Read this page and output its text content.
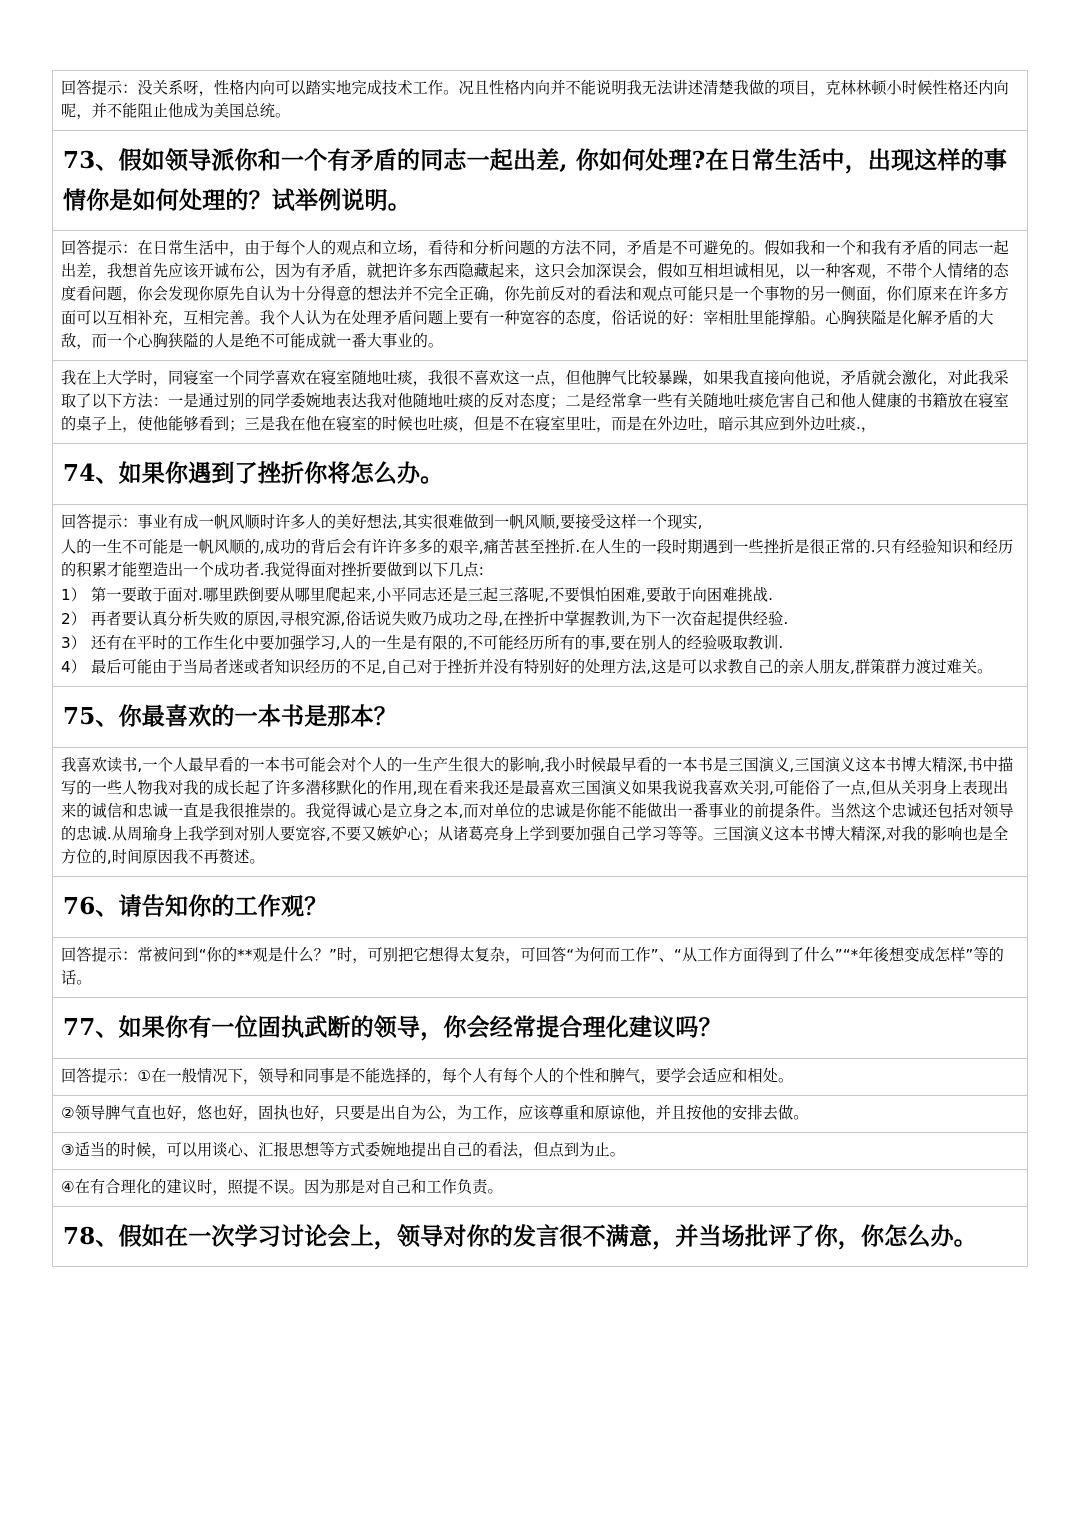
回答提示：没关系呀，性格内向可以踏实地完成技术工作。况且性格内向并不能说明我无法讲述清楚我做的项目，克林林顿小时候性格还内向呢，并不能阻止他成为美国总统。

73、假如领导派你和一个有矛盾的同志一起出差, 你如何处理?在日常生活中，出现这样的事情你是如何处理的？试举例说明。

回答提示：在日常生活中，由于每个人的观点和立场，看待和分析问题的方法不同，矛盾是不可避免的。假如我和一个和我有矛盾的同志一起出差，我想首先应该开诚布公，因为有矛盾，就把许多东西隐藏起来，这只会加深误会，假如互相坦诚相见，以一种客观，不带个人情绪的态度看问题，你会发现你原先自认为十分得意的想法并不完全正确，你先前反对的看法和观点可能只是一个事物的另一侧面，你们原来在许多方面可以互相补充，互相完善。我个人认为在处理矛盾问题上要有一种宽容的态度，俗话说的好：宰相肚里能撑船。心胸狭隘是化解矛盾的大敌，而一个心胸狭隘的人是绝不可能成就一番大事业的。

我在上大学时，同寝室一个同学喜欢在寝室随地吐痰，我很不喜欢这一点，但他脾气比较暴躁，如果我直接向他说，矛盾就会激化，对此我采取了以下方法：一是通过别的同学委婉地表达我对他随地吐痰的反对态度；二是经常拿一些有关随地吐痰危害自己和他人健康的书籍放在寝室的桌子上，使他能够看到；三是我在他在寝室的时候也吐痰，但是不在寝室里吐，而是在外边吐，暗示其应到外边吐痰.，

74、如果你遇到了挫折你将怎么办。

回答提示：事业有成一帆风顺时许多人的美好想法,其实很难做到一帆风顺,要接受这样一个现实,

人的一生不可能是一帆风顺的,成功的背后会有许许多多的艰辛,痛苦甚至挫折.在人生的一段时期遇到一些挫折是很正常的.只有经验知识和经历的积累才能塑造出一个成功者.我觉得面对挫折要做到以下几点:

1） 第一要敢于面对.哪里跌倒要从哪里爬起来,小平同志还是三起三落呢,不要惧怕困难,要敢于向困难挑战.
2） 再者要认真分析失败的原因,寻根究源,俗话说失败乃成功之母,在挫折中掌握教训,为下一次奋起提供经验.
3） 还有在平时的工作生化中要加强学习,人的一生是有限的,不可能经历所有的事,要在别人的经验吸取教训.
4） 最后可能由于当局者迷或者知识经历的不足,自己对于挫折并没有特别好的处理方法,这是可以求教自己的亲人朋友,群策群力渡过难关。
75、你最喜欢的一本书是那本？

我喜欢读书,一个人最早看的一本书可能会对个人的一生产生很大的影响,我小时候最早看的一本书是三国演义,三国演义这本书博大精深,书中描写的一些人物我对我的成长起了许多潜移默化的作用,现在看来我还是最喜欢三国演义如果我说我喜欢关羽,可能俗了一点,但从关羽身上表现出来的诚信和忠诚一直是我很推崇的。我觉得诚心是立身之本,而对单位的忠诚是你能不能做出一番事业的前提条件。当然这个忠诚还包括对领导的忠诚.从周瑜身上我学到对别人要宽容,不要又嫉妒心；从诸葛亮身上学到要加强自己学习等等。三国演义这本书博大精深,对我的影响也是全方位的,时间原因我不再赘述。

76、请告知你的工作观？

回答提示：常被问到“你的**观是什么？”时，可别把它想得太复杂，可回答“为何而工作”、“从工作方面得到了什么”“*年後想变成怎样”等的话。

77、如果你有一位固执武断的领导，你会经常提合理化建议吗？

回答提示：①在一般情况下，领导和同事是不能选择的，每个人有每个人的个性和脾气，要学会适应和相处。

②领导脾气直也好，悠也好，固执也好，只要是出自为公，为工作，应该尊重和原谅他，并且按他的安排去做。

③适当的时候，可以用谈心、汇报思想等方式委婉地提出自己的看法，但点到为止。

④在有合理化的建议时，照提不误。因为那是对自己和工作负责。

78、假如在一次学习讨论会上，领导对你的发言很不满意，并当场批评了你，你怎么办。
